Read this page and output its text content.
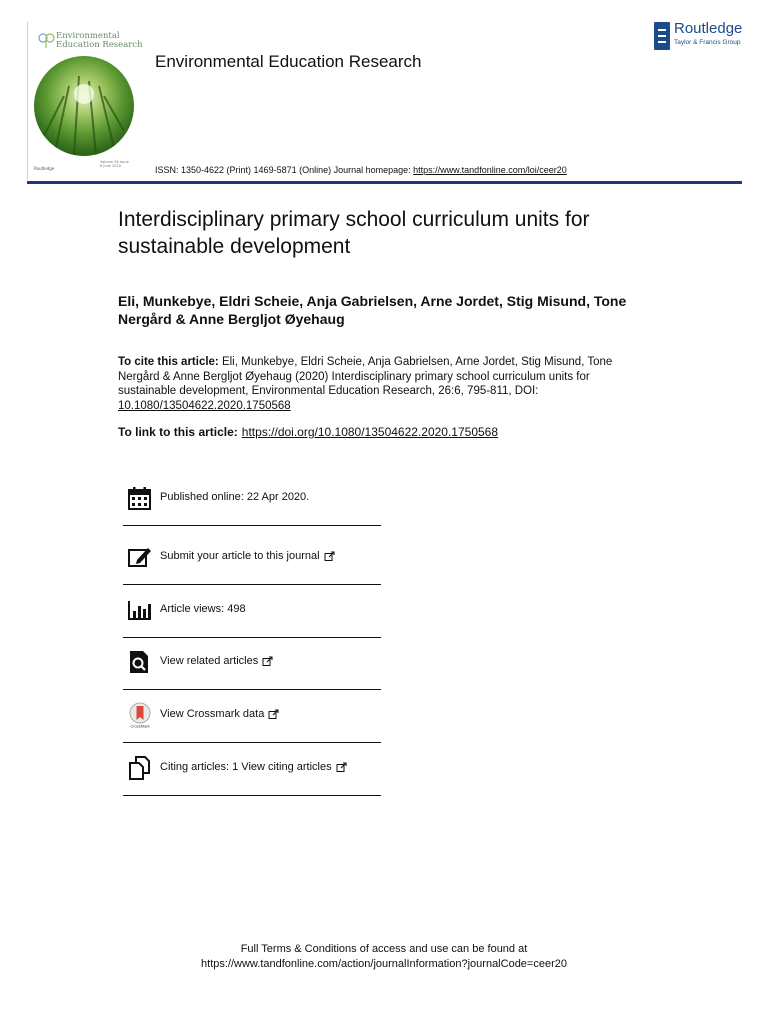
Environmental
Education Research
Routledge
Volume 26 Issue 6 June 2020
Environmental Education Research
Routledge
Taylor & Francis Group
ISSN: 1350-4622 (Print) 1469-5871 (Online) Journal homepage: https://www.tandfonline.com/loi/ceer20
Interdisciplinary primary school curriculum units for sustainable development
Eli, Munkebye, Eldri Scheie, Anja Gabrielsen, Arne Jordet, Stig Misund, Tone Nergård & Anne Bergljot Øyehaug
To cite this article: Eli, Munkebye, Eldri Scheie, Anja Gabrielsen, Arne Jordet, Stig Misund, Tone Nergård & Anne Bergljot Øyehaug (2020) Interdisciplinary primary school curriculum units for sustainable development, Environmental Education Research, 26:6, 795-811, DOI: 10.1080/13504622.2020.1750568
To link to this article: https://doi.org/10.1080/13504622.2020.1750568
Published online: 22 Apr 2020.
Submit your article to this journal
Article views: 498
View related articles
CrossMark
View Crossmark data
Citing articles: 1 View citing articles
Full Terms & Conditions of access and use can be found at
https://www.tandfonline.com/action/journalInformation?journalCode=ceer20
